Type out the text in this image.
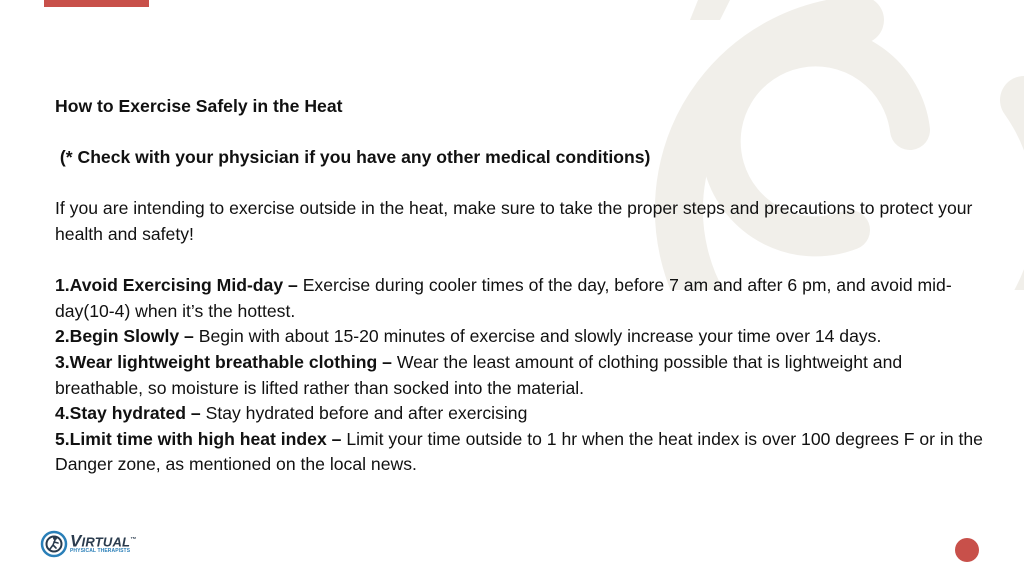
How to Exercise Safely in the Heat

(* Check with your physician if you have any other medical conditions)

If you are intending to exercise outside in the heat, make sure to take the proper steps and precautions to protect your health and safety!

1.Avoid Exercising Mid-day – Exercise during cooler times of the day, before 7 am and after 6 pm, and avoid mid-day(10-4) when it’s the hottest.

2.Begin Slowly – Begin with about 15-20 minutes of exercise and slowly increase your time over 14 days.

3.Wear lightweight breathable clothing – Wear the least amount of clothing possible that is lightweight and breathable, so moisture is lifted rather than socked into the material.

4.Stay hydrated – Stay hydrated before and after exercising

5.Limit time with high heat index – Limit your time outside to 1 hr when the heat index is over 100 degrees F or in the Danger zone, as mentioned on the local news.

VIRTUAL™
PHYSICAL THERAPISTS
